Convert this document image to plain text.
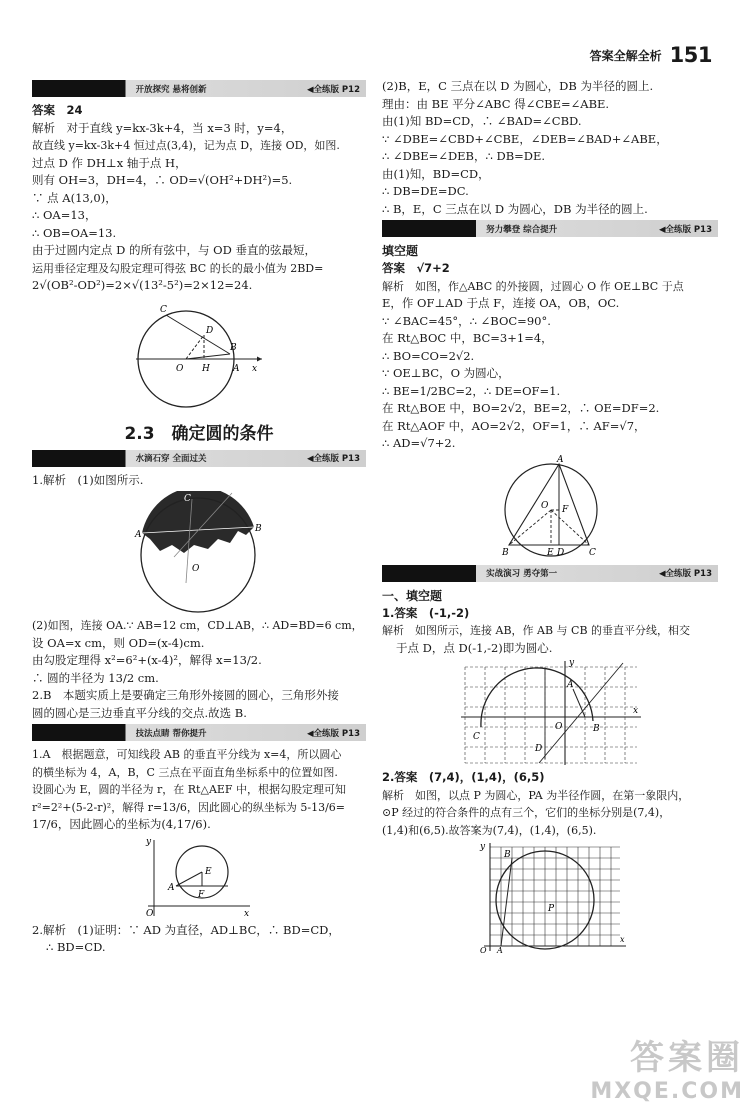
答案全解全析 151
开放探究 悬将创新	◀全练版 P12
答案　24
解析　对于直线 y=kx-3k+4，当 x=3 时，y=4，
故直线 y=kx-3k+4 恒过点(3,4)，记为点 D，连接 OD，如图.
过点 D 作 DH⊥x 轴于点 H，
则有 OH=3，DH=4，∴ OD=√(OH²+DH²)=5.
∵ 点 A(13,0)，
∴ OA=13，
∴ OB=OA=13.
由于过圆内定点 D 的所有弦中，与 OD 垂直的弦最短，
运用垂径定理及勾股定理可得弦 BC 的长的最小值为 2BD=
2√(OB²-OD²)=2×√(13²-5²)=2×12=24.
C
D
B
O H	A x
2.3　确定圆的条件
水滴石穿 全面过关	◀全练版 P13
1.解析　(1)如图所示.
C
A
B
O
(2)如图，连接 OA.∵ AB=12 cm，CD⊥AB，∴ AD=BD=6 cm，
设 OA=x cm，则 OD=(x-4)cm.
由勾股定理得 x²=6²+(x-4)²，解得 x=13/2.
∴ 圆的半径为 13/2 cm.
2.B　本题实质上是要确定三角形外接圆的圆心，三角形外接
圆的圆心是三边垂直平分线的交点.故选 B.
技法点睛 帮你提升	◀全练版 P13
1.A　根据题意，可知线段 AB 的垂直平分线为 x=4，所以圆心
的横坐标为 4，A，B，C 三点在平面直角坐标系中的位置如图.
设圆心为 E，圆的半径为 r，在 Rt△AEF 中，根据勾股定理可知
r²=2²+(5-2-r)²，解得 r=13/6，因此圆心的纵坐标为 5-13/6=
17/6，因此圆心的坐标为(4,17/6).
y
E
A
F
O	x
2.解析　(1)证明：∵ AD 为直径，AD⊥BC，∴ BD=CD，
∴ BD=CD.
(2)B，E，C 三点在以 D 为圆心，DB 为半径的圆上.
理由：由 BE 平分∠ABC 得∠CBE=∠ABE.
由(1)知 BD=CD，∴ ∠BAD=∠CBD.
∵ ∠DBE=∠CBD+∠CBE，∠DEB=∠BAD+∠ABE，
∴ ∠DBE=∠DEB，∴ DB=DE.
由(1)知，BD=CD，
∴ DB=DE=DC.
∴ B，E，C 三点在以 D 为圆心，DB 为半径的圆上.
努力攀登 综合提升	◀全练版 P13
填空题
答案　√7+2
解析　如图，作△ABC 的外接圆，过圆心 O 作 OE⊥BC 于点
E，作 OF⊥AD 于点 F，连接 OA，OB，OC.
∵ ∠BAC=45°，∴ ∠BOC=90°.
在 Rt△BOC 中，BC=3+1=4，
∴ BO=CO=2√2.
∵ OE⊥BC，O 为圆心，
∴ BE=1/2BC=2，∴ DE=OF=1.
在 Rt△BOE 中，BO=2√2，BE=2，∴ OE=DF=2.
在 Rt△AOF 中，AO=2√2，OF=1，∴ AF=√7，
∴ AD=√7+2.
A
O F
B	E D	C
实战演习 勇夺第一	◀全练版 P13
一、填空题
1.答案　(-1,-2)
解析　如图所示，连接 AB，作 AB 与 CB 的垂直平分线，相交
于点 D，点 D(-1,-2)即为圆心.
y
A
B
C
O
D
x
2.答案　(7,4)，(1,4)，(6,5)
解析　如图，以点 P 为圆心，PA 为半径作圆，在第一象限内，
⊙P 经过的符合条件的点有三个，它们的坐标分别是(7,4)，
(1,4)和(6,5).故答案为(7,4)，(1,4)，(6,5).
y
B
P
O A
x
答案圈
MXQE.COM
